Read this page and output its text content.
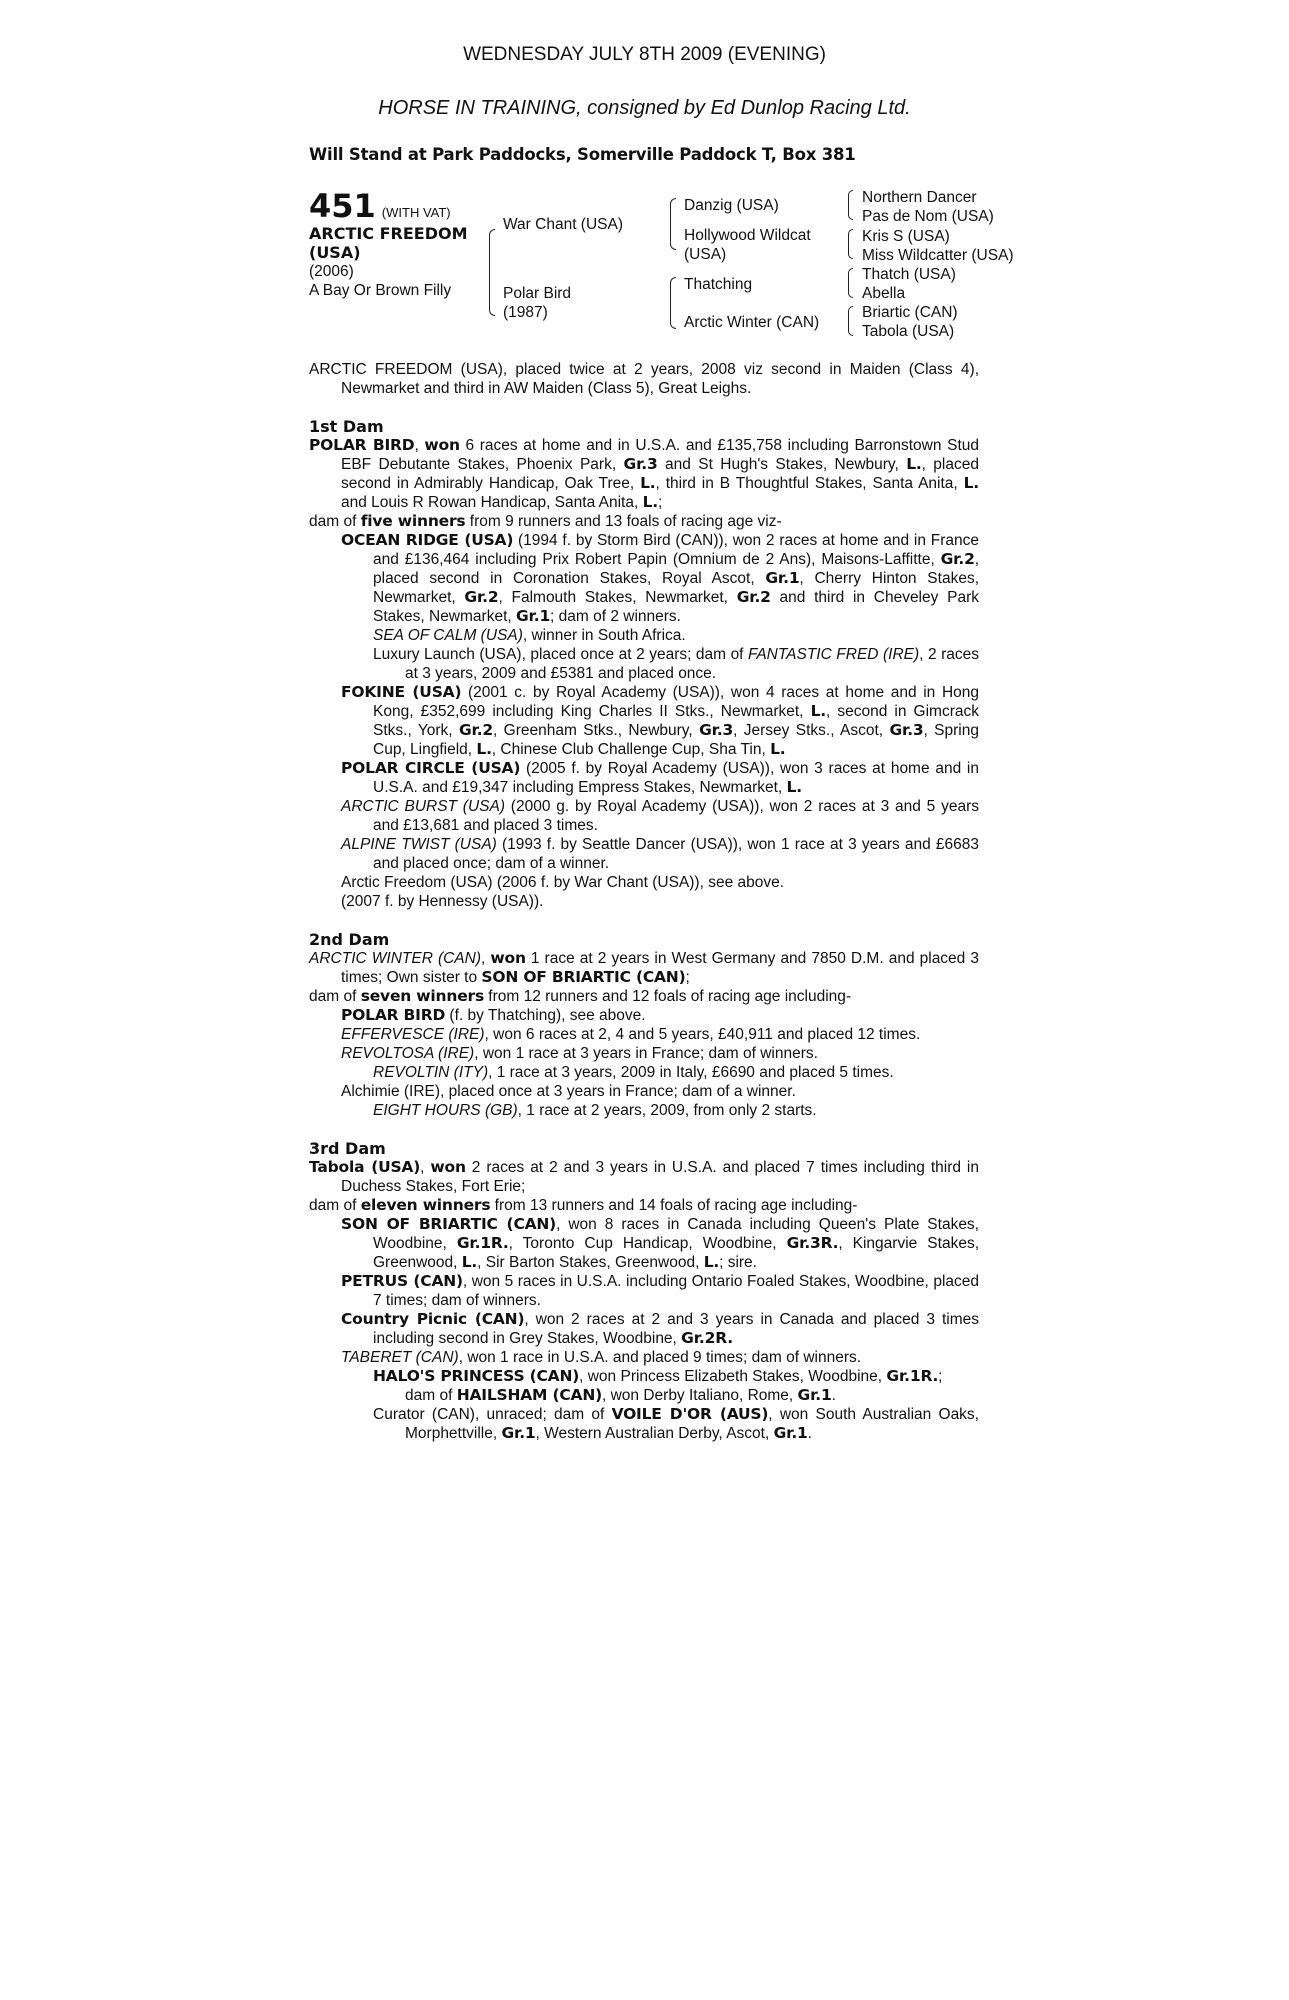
WEDNESDAY JULY 8TH 2009 (EVENING)
HORSE IN TRAINING, consigned by Ed Dunlop Racing Ltd.
Will Stand at Park Paddocks, Somerville Paddock T, Box 381
451 (WITH VAT)
ARCTIC FREEDOM
(USA)
(2006)
A Bay Or Brown Filly
War Chant (USA)
Polar Bird
(1987)
Danzig (USA)
Hollywood Wildcat
(USA)
Thatching
Arctic Winter (CAN)
Northern Dancer
Pas de Nom (USA)
Kris S (USA)
Miss Wildcatter (USA)
Thatch (USA)
Abella
Briartic (CAN)
Tabola (USA)

ARCTIC FREEDOM (USA), placed twice at 2 years, 2008 viz second in Maiden (Class 4), Newmarket and third in AW Maiden (Class 5), Great Leighs.

1st Dam

POLAR BIRD, won 6 races at home and in U.S.A. and £135,758 including Barronstown Stud EBF Debutante Stakes, Phoenix Park, Gr.3 and St Hugh's Stakes, Newbury, L., placed second in Admirably Handicap, Oak Tree, L., third in B Thoughtful Stakes, Santa Anita, L. and Louis R Rowan Handicap, Santa Anita, L.;

dam of five winners from 9 runners and 13 foals of racing age viz-

OCEAN RIDGE (USA) (1994 f. by Storm Bird (CAN)), won 2 races at home and in France and £136,464 including Prix Robert Papin (Omnium de 2 Ans), Maisons-Laffitte, Gr.2, placed second in Coronation Stakes, Royal Ascot, Gr.1, Cherry Hinton Stakes, Newmarket, Gr.2, Falmouth Stakes, Newmarket, Gr.2 and third in Cheveley Park Stakes, Newmarket, Gr.1; dam of 2 winners.

SEA OF CALM (USA), winner in South Africa.

Luxury Launch (USA), placed once at 2 years; dam of FANTASTIC FRED (IRE), 2 races at 3 years, 2009 and £5381 and placed once.

FOKINE (USA) (2001 c. by Royal Academy (USA)), won 4 races at home and in Hong Kong, £352,699 including King Charles II Stks., Newmarket, L., second in Gimcrack Stks., York, Gr.2, Greenham Stks., Newbury, Gr.3, Jersey Stks., Ascot, Gr.3, Spring Cup, Lingfield, L., Chinese Club Challenge Cup, Sha Tin, L.

POLAR CIRCLE (USA) (2005 f. by Royal Academy (USA)), won 3 races at home and in U.S.A. and £19,347 including Empress Stakes, Newmarket, L.

ARCTIC BURST (USA) (2000 g. by Royal Academy (USA)), won 2 races at 3 and 5 years and £13,681 and placed 3 times.

ALPINE TWIST (USA) (1993 f. by Seattle Dancer (USA)), won 1 race at 3 years and £6683 and placed once; dam of a winner.

Arctic Freedom (USA) (2006 f. by War Chant (USA)), see above.

(2007 f. by Hennessy (USA)).

2nd Dam

ARCTIC WINTER (CAN), won 1 race at 2 years in West Germany and 7850 D.M. and placed 3 times; Own sister to SON OF BRIARTIC (CAN);

dam of seven winners from 12 runners and 12 foals of racing age including-

POLAR BIRD (f. by Thatching), see above.

EFFERVESCE (IRE), won 6 races at 2, 4 and 5 years, £40,911 and placed 12 times.

REVOLTOSA (IRE), won 1 race at 3 years in France; dam of winners.

REVOLTIN (ITY), 1 race at 3 years, 2009 in Italy, £6690 and placed 5 times.

Alchimie (IRE), placed once at 3 years in France; dam of a winner.

EIGHT HOURS (GB), 1 race at 2 years, 2009, from only 2 starts.

3rd Dam

Tabola (USA), won 2 races at 2 and 3 years in U.S.A. and placed 7 times including third in Duchess Stakes, Fort Erie;

dam of eleven winners from 13 runners and 14 foals of racing age including-

SON OF BRIARTIC (CAN), won 8 races in Canada including Queen's Plate Stakes, Woodbine, Gr.1R., Toronto Cup Handicap, Woodbine, Gr.3R., Kingarvie Stakes, Greenwood, L., Sir Barton Stakes, Greenwood, L.; sire.

PETRUS (CAN), won 5 races in U.S.A. including Ontario Foaled Stakes, Woodbine, placed 7 times; dam of winners.

Country Picnic (CAN), won 2 races at 2 and 3 years in Canada and placed 3 times including second in Grey Stakes, Woodbine, Gr.2R.

TABERET (CAN), won 1 race in U.S.A. and placed 9 times; dam of winners.

HALO'S PRINCESS (CAN), won Princess Elizabeth Stakes, Woodbine, Gr.1R.;

dam of HAILSHAM (CAN), won Derby Italiano, Rome, Gr.1.

Curator (CAN), unraced; dam of VOILE D'OR (AUS), won South Australian Oaks, Morphettville, Gr.1, Western Australian Derby, Ascot, Gr.1.
